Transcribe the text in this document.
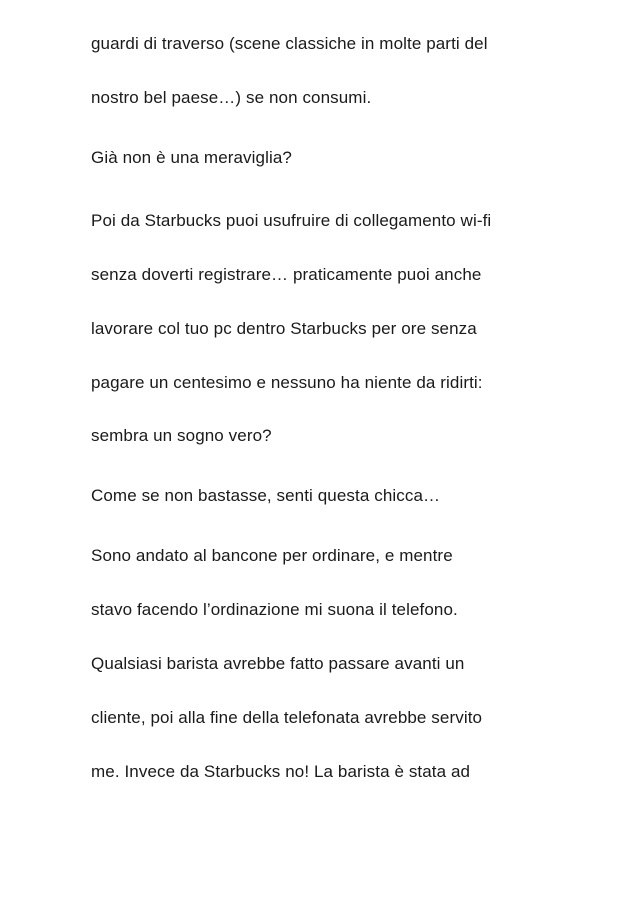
guardi di traverso (scene classiche in molte parti del
nostro bel paese…) se non consumi.
Già non è una meraviglia?
Poi da Starbucks puoi usufruire di collegamento wi-fi
senza doverti registrare… praticamente puoi anche
lavorare col tuo pc dentro Starbucks per ore senza
pagare un centesimo e nessuno ha niente da ridirti:
sembra un sogno vero?
Come se non bastasse, senti questa chicca…
Sono andato al bancone per ordinare, e mentre
stavo facendo l’ordinazione mi suona il telefono.
Qualsiasi barista avrebbe fatto passare avanti un
cliente, poi alla fine della telefonata avrebbe servito
me. Invece da Starbucks no! La barista è stata ad
